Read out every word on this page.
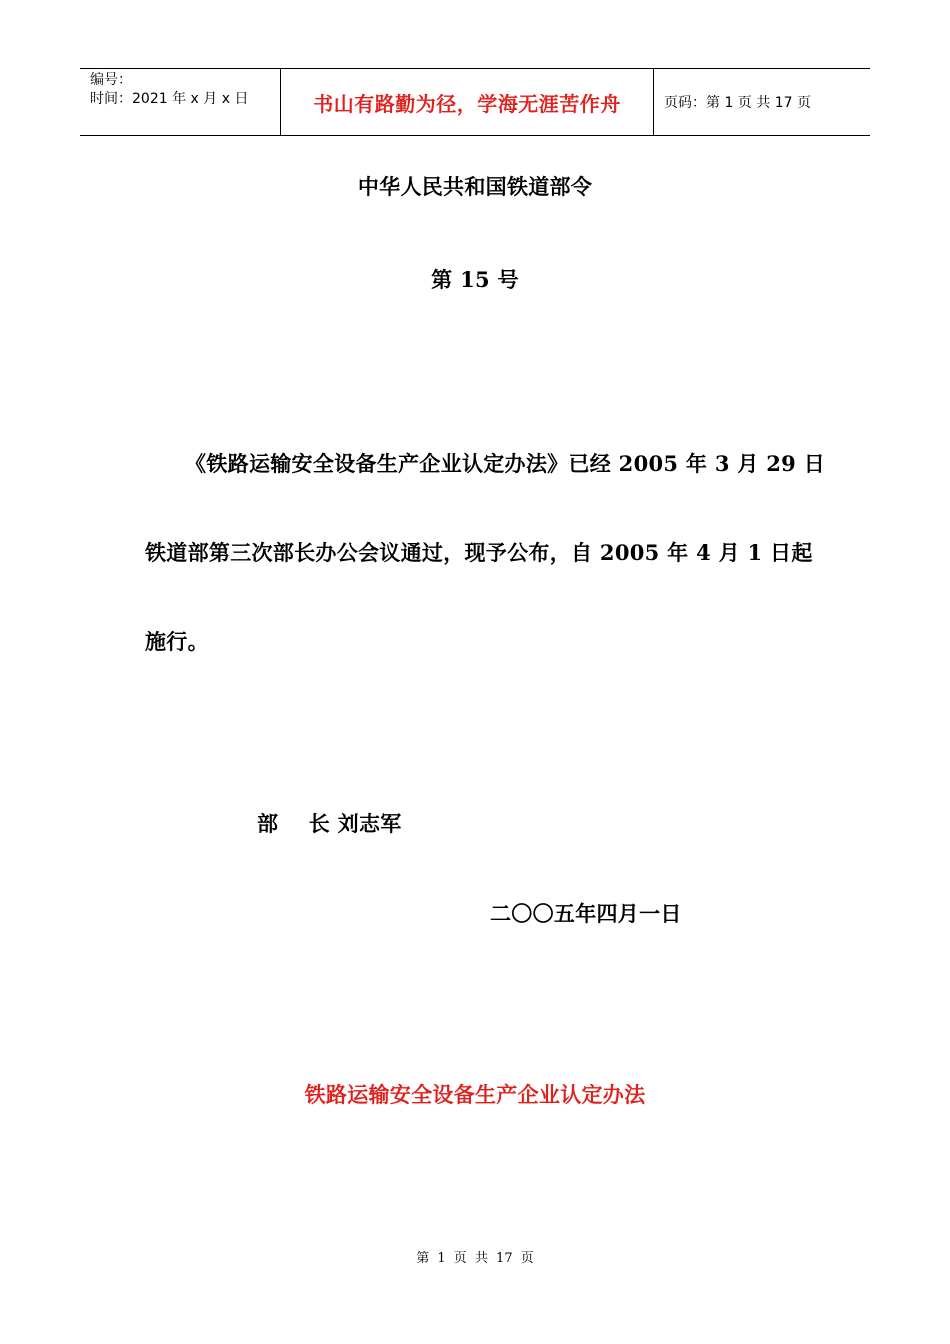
编号：
时间：2021 年 x 月 x 日	书山有路勤为径，学海无涯苦作舟	页码：第 1 页 共 17 页
中华人民共和国铁道部令
第 15 号
《铁路运输安全设备生产企业认定办法》已经 2005 年 3 月 29 日
铁道部第三次部长办公会议通过，现予公布，自 2005 年 4 月 1 日起
施行。
部    长 刘志军
二〇〇五年四月一日
铁路运输安全设备生产企业认定办法
第 1 页 共 17 页
